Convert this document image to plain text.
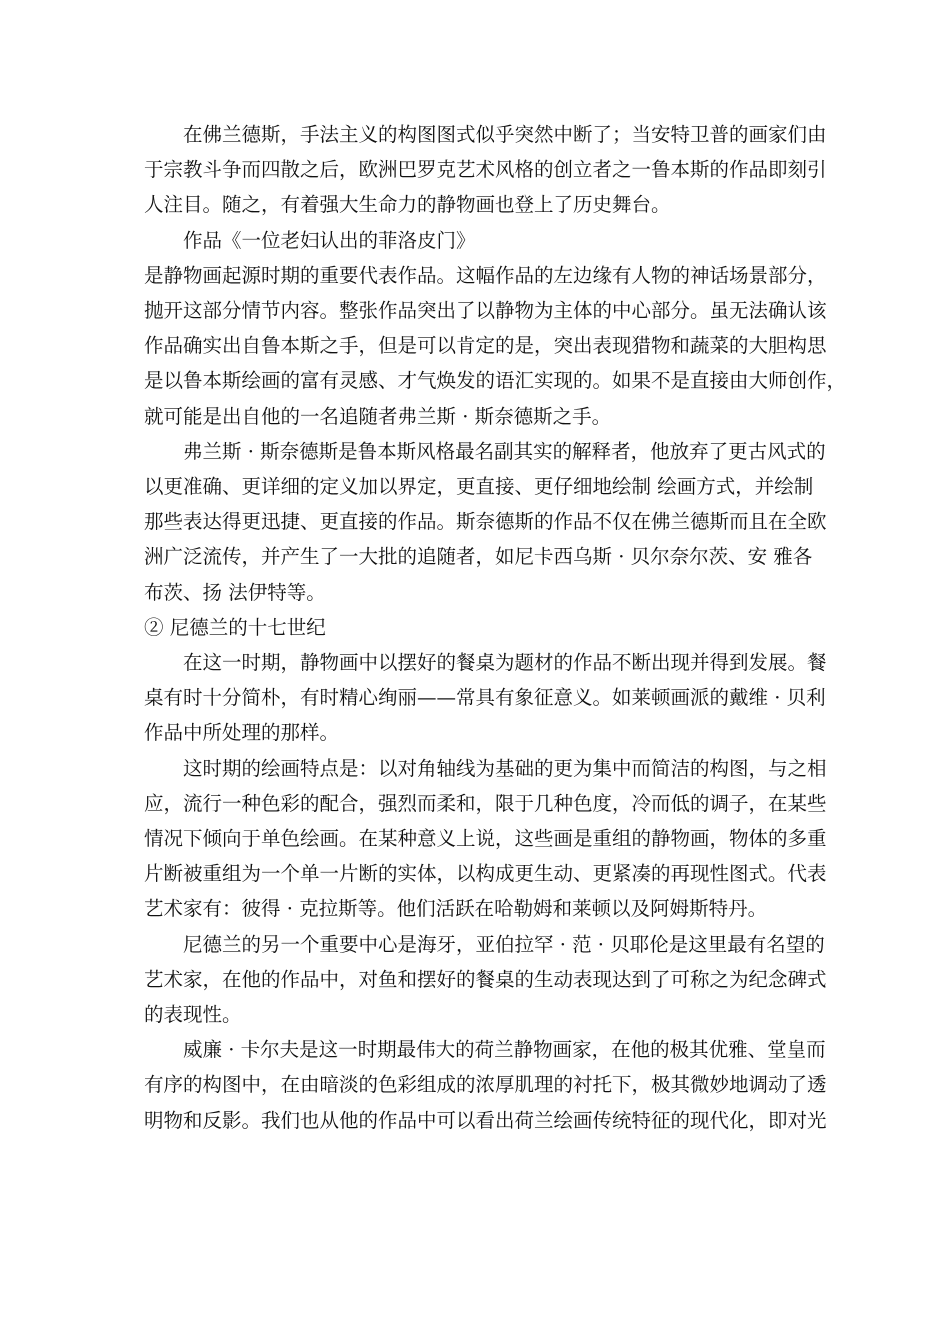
在佛兰德斯，手法主义的构图图式似乎突然中断了；当安特卫普的画家们由
于宗教斗争而四散之后，欧洲巴罗克艺术风格的创立者之一鲁本斯的作品即刻引
人注目。随之，有着强大生命力的静物画也登上了历史舞台。
作品《一位老妇认出的菲洛皮门》
是静物画起源时期的重要代表作品。这幅作品的左边缘有人物的神话场景部分，
抛开这部分情节内容。整张作品突出了以静物为主体的中心部分。虽无法确认该
作品确实出自鲁本斯之手，但是可以肯定的是，突出表现猎物和蔬菜的大胆构思
是以鲁本斯绘画的富有灵感、才气焕发的语汇实现的。如果不是直接由大师创作，
就可能是出自他的一名追随者弗兰斯 · 斯奈德斯之手。
弗兰斯 · 斯奈德斯是鲁本斯风格最名副其实的解释者，他放弃了更古风式的
以更准确、更详细的定义加以界定，更直接、更仔细地绘制 绘画方式，并绘制
那些表达得更迅捷、更直接的作品。斯奈德斯的作品不仅在佛兰德斯而且在全欧
洲广泛流传，并产生了一大批的追随者，如尼卡西乌斯 · 贝尔奈尔茨、安 雅各
布茨、扬 法伊特等。
② 尼德兰的十七世纪
在这一时期，静物画中以摆好的餐桌为题材的作品不断出现并得到发展。餐
桌有时十分简朴，有时精心绚丽——常具有象征意义。如莱顿画派的戴维 · 贝利
作品中所处理的那样。
这时期的绘画特点是：以对角轴线为基础的更为集中而简洁的构图，与之相
应，流行一种色彩的配合，强烈而柔和，限于几种色度，冷而低的调子，在某些
情况下倾向于单色绘画。在某种意义上说，这些画是重组的静物画，物体的多重
片断被重组为一个单一片断的实体，以构成更生动、更紧凑的再现性图式。代表
艺术家有：彼得 · 克拉斯等。他们活跃在哈勒姆和莱顿以及阿姆斯特丹。
尼德兰的另一个重要中心是海牙，亚伯拉罕 · 范 · 贝耶伦是这里最有名望的
艺术家，在他的作品中，对鱼和摆好的餐桌的生动表现达到了可称之为纪念碑式
的表现性。
威廉 · 卡尔夫是这一时期最伟大的荷兰静物画家，在他的极其优雅、堂皇而
有序的构图中，在由暗淡的色彩组成的浓厚肌理的衬托下，极其微妙地调动了透
明物和反影。我们也从他的作品中可以看出荷兰绘画传统特征的现代化，即对光
